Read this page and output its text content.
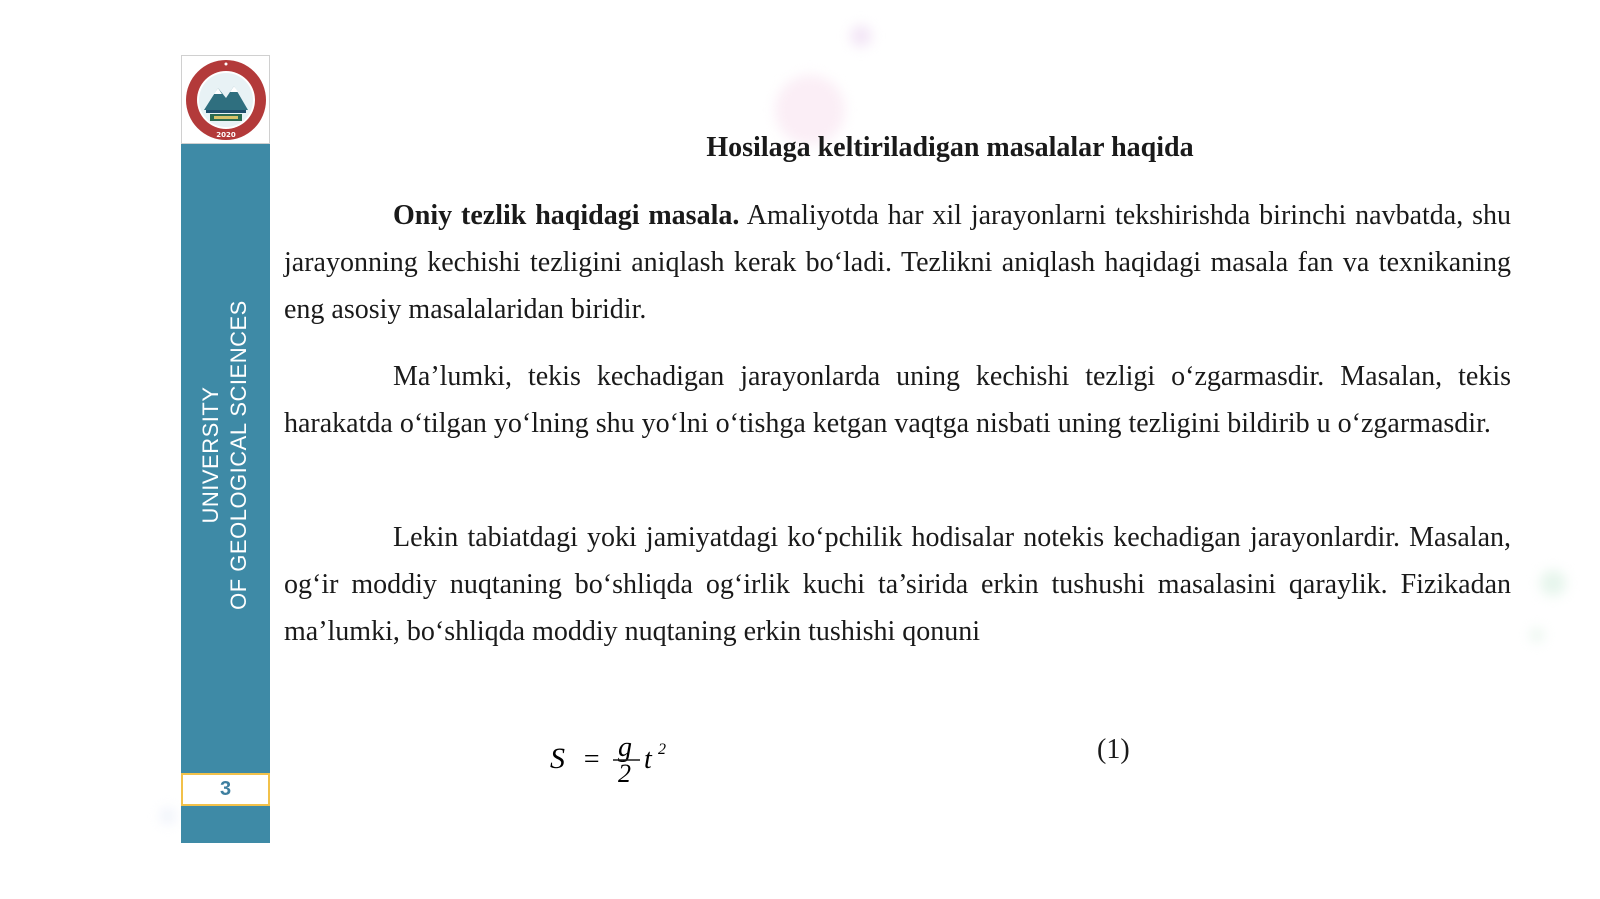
2020
UNIVERSITY OF GEOLOGICAL SCIENCES
3
Hosilaga keltiriladigan masalalar haqida

Oniy tezlik haqidagi masala. Amaliyotda har xil jarayonlarni tekshirishda birinchi navbatda, shu jarayonning kechishi tezligini aniqlash kerak bo‘ladi. Tezlikni aniqlash haqidagi masala fan va texnikaning eng asosiy masalalaridan biridir.

Ma’lumki, tekis kechadigan jarayonlarda uning kechishi tezligi o‘zgarmasdir. Masalan, tekis harakatda o‘tilgan yo‘lning shu yo‘lni o‘tishga ketgan vaqtga nisbati uning tezligini bildirib u o‘zgarmasdir.

Lekin tabiatdagi yoki jamiyatdagi ko‘pchilik hodisalar notekis kechadigan jarayonlardir. Masalan, og‘ir moddiy nuqtaning bo‘shliqda og‘irlik kuchi ta’sirida erkin tushushi masalasini qaraylik. Fizikadan ma’lumki, bo‘shliqda moddiy nuqtaning erkin tushishi qonuni

S = g
2 t 2	(1)
